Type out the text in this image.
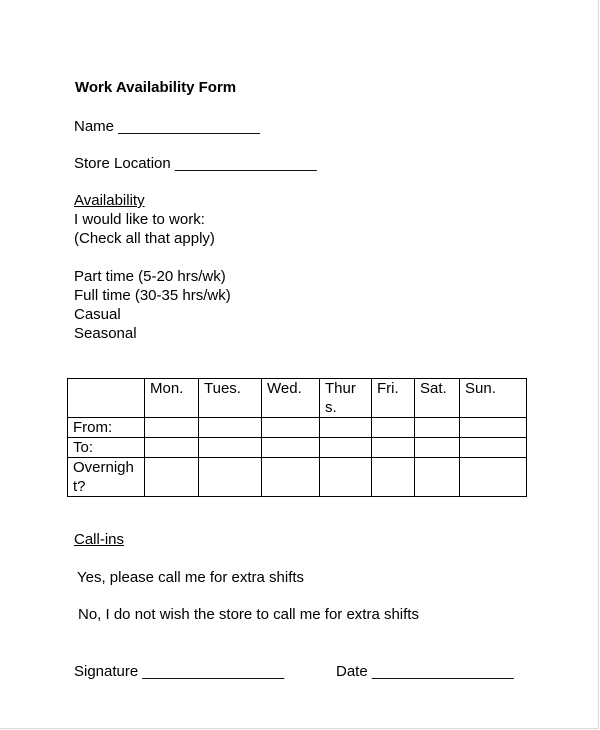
Work Availability Form
Name _________________
Store Location _________________
Availability
I would like to work:
(Check all that apply)
Part time (5-20 hrs/wk)
Full time (30-35 hrs/wk)
Casual
Seasonal
	Mon.	Tues.	Wed.	Thurs.	Fri.	Sat.	Sun.
From:							
To:							
Overnight?							
Call-ins
Yes, please call me for extra shifts
No, I do not wish the store to call me for extra shifts
Signature _________________	Date _________________
